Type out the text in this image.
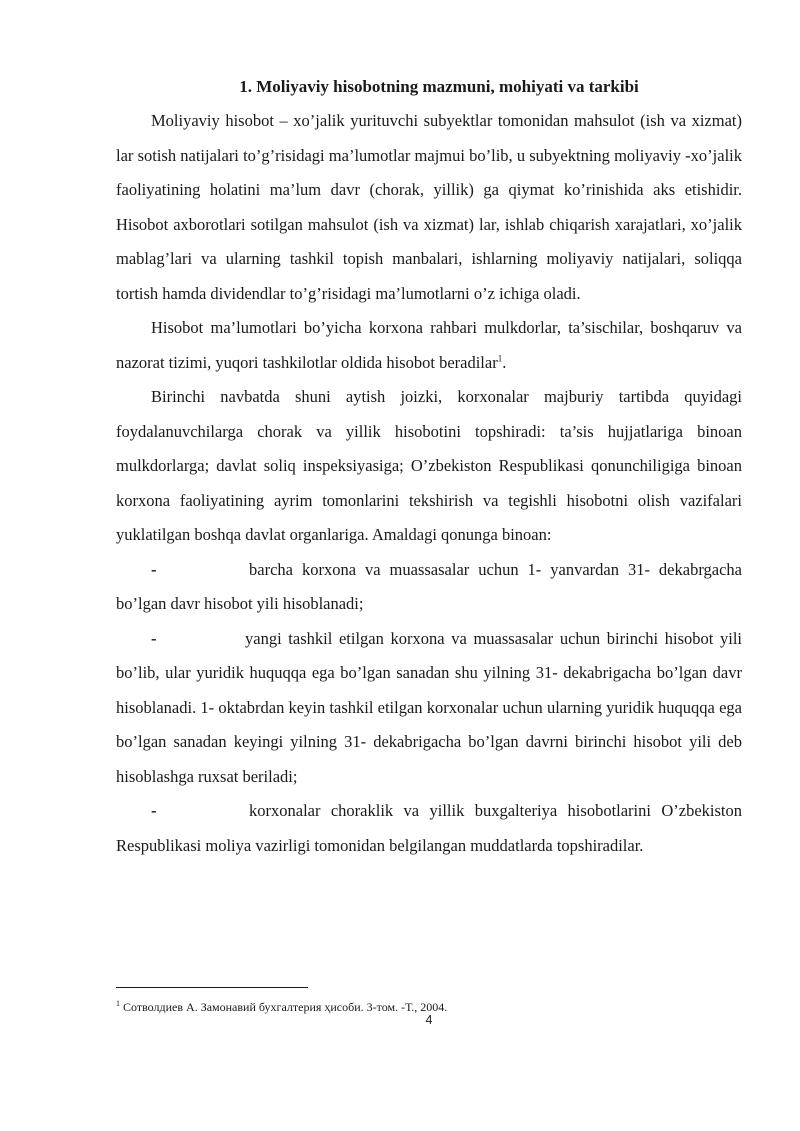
1. Moliyaviy hisobotning mazmuni, mohiyati va tarkibi

Moliyaviy hisobot – xo’jalik yurituvchi subyektlar tomonidan mahsulot (ish va xizmat) lar sotish natijalari to’g’risidagi ma’lumotlar majmui bo’lib, u subyektning moliyaviy -xo’jalik faoliyatining holatini ma’lum davr (chorak, yillik) ga qiymat ko’rinishida aks etishidir. Hisobot axborotlari sotilgan mahsulot (ish va xizmat) lar, ishlab chiqarish xarajatlari, xo’jalik mablag’lari va ularning tashkil topish manbalari, ishlarning moliyaviy natijalari, soliqqa tortish hamda dividendlar to’g’risidagi ma’lumotlarni o’z ichiga oladi.

Hisobot ma’lumotlari bo’yicha korxona rahbari mulkdorlar, ta’sischilar, boshqaruv va nazorat tizimi, yuqori tashkilotlar oldida hisobot beradilar$^1$.

Birinchi navbatda shuni aytish joizki, korxonalar majburiy tartibda quyidagi foydalanuvchilarga chorak va yillik hisobotini topshiradi: ta’sis hujjatlariga binoan mulkdorlarga; davlat soliq inspeksiyasiga; O’zbekiston Respublikasi qonunchiligiga binoan korxona faoliyatining ayrim tomonlarini tekshirish va tegishli hisobotni olish vazifalari yuklatilgan boshqa davlat organlariga. Amaldagi qonunga binoan:

-	barcha korxona va muassasalar uchun 1- yanvardan 31- dekabrgacha bo’lgan davr hisobot yili hisoblanadi;

-	yangi tashkil etilgan korxona va muassasalar uchun birinchi hisobot yili bo’lib, ular yuridik huquqqa ega bo’lgan sanadan shu yilning 31- dekabrigacha bo’lgan davr hisoblanadi. 1- oktabrdan keyin tashkil etilgan korxonalar uchun ularning yuridik huquqqa ega bo’lgan sanadan keyingi yilning 31- dekabrigacha bo’lgan davrni birinchi hisobot yili deb hisoblashga ruxsat beriladi;

-	korxonalar choraklik va yillik buxgalteriya hisobotlarini O’zbekiston Respublikasi moliya vazirligi tomonidan belgilangan muddatlarda topshiradilar.

$^1$ Сотволдиев А. Замонавий бухгалтерия ҳисоби. 3-том. -Т., 2004.
4
